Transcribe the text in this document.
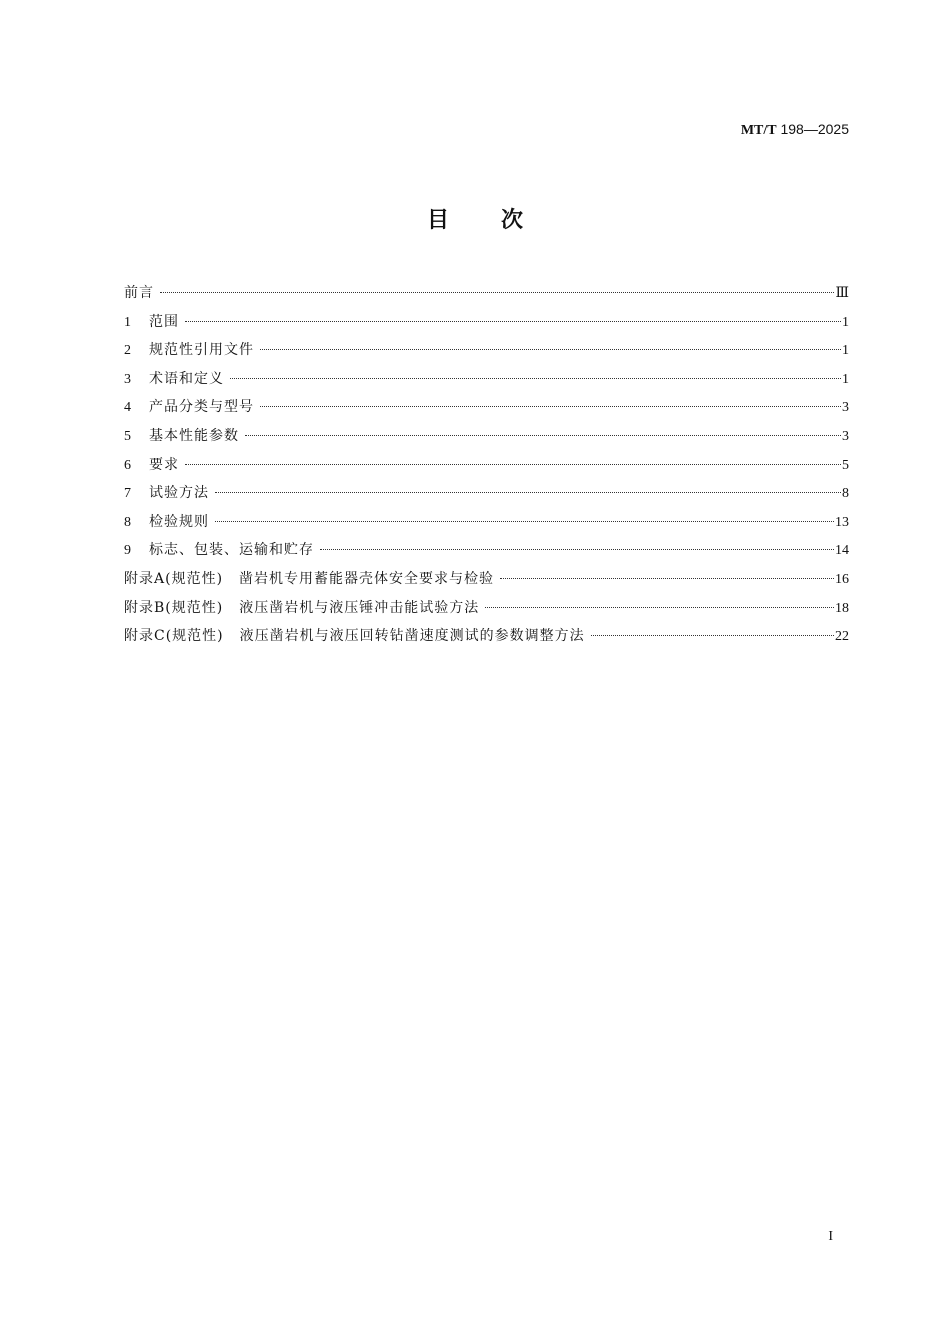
MT/T 198—2025
目次
前言	Ⅲ
1	范围	1
2	规范性引用文件	1
3	术语和定义	1
4	产品分类与型号	3
5	基本性能参数	3
6	要求	5
7	试验方法	8
8	检验规则	13
9	标志、包装、运输和贮存	14
附录A(规范性) 凿岩机专用蓄能器壳体安全要求与检验	16
附录B(规范性) 液压凿岩机与液压锤冲击能试验方法	18
附录C(规范性) 液压凿岩机与液压回转钻凿速度测试的参数调整方法	22
I
